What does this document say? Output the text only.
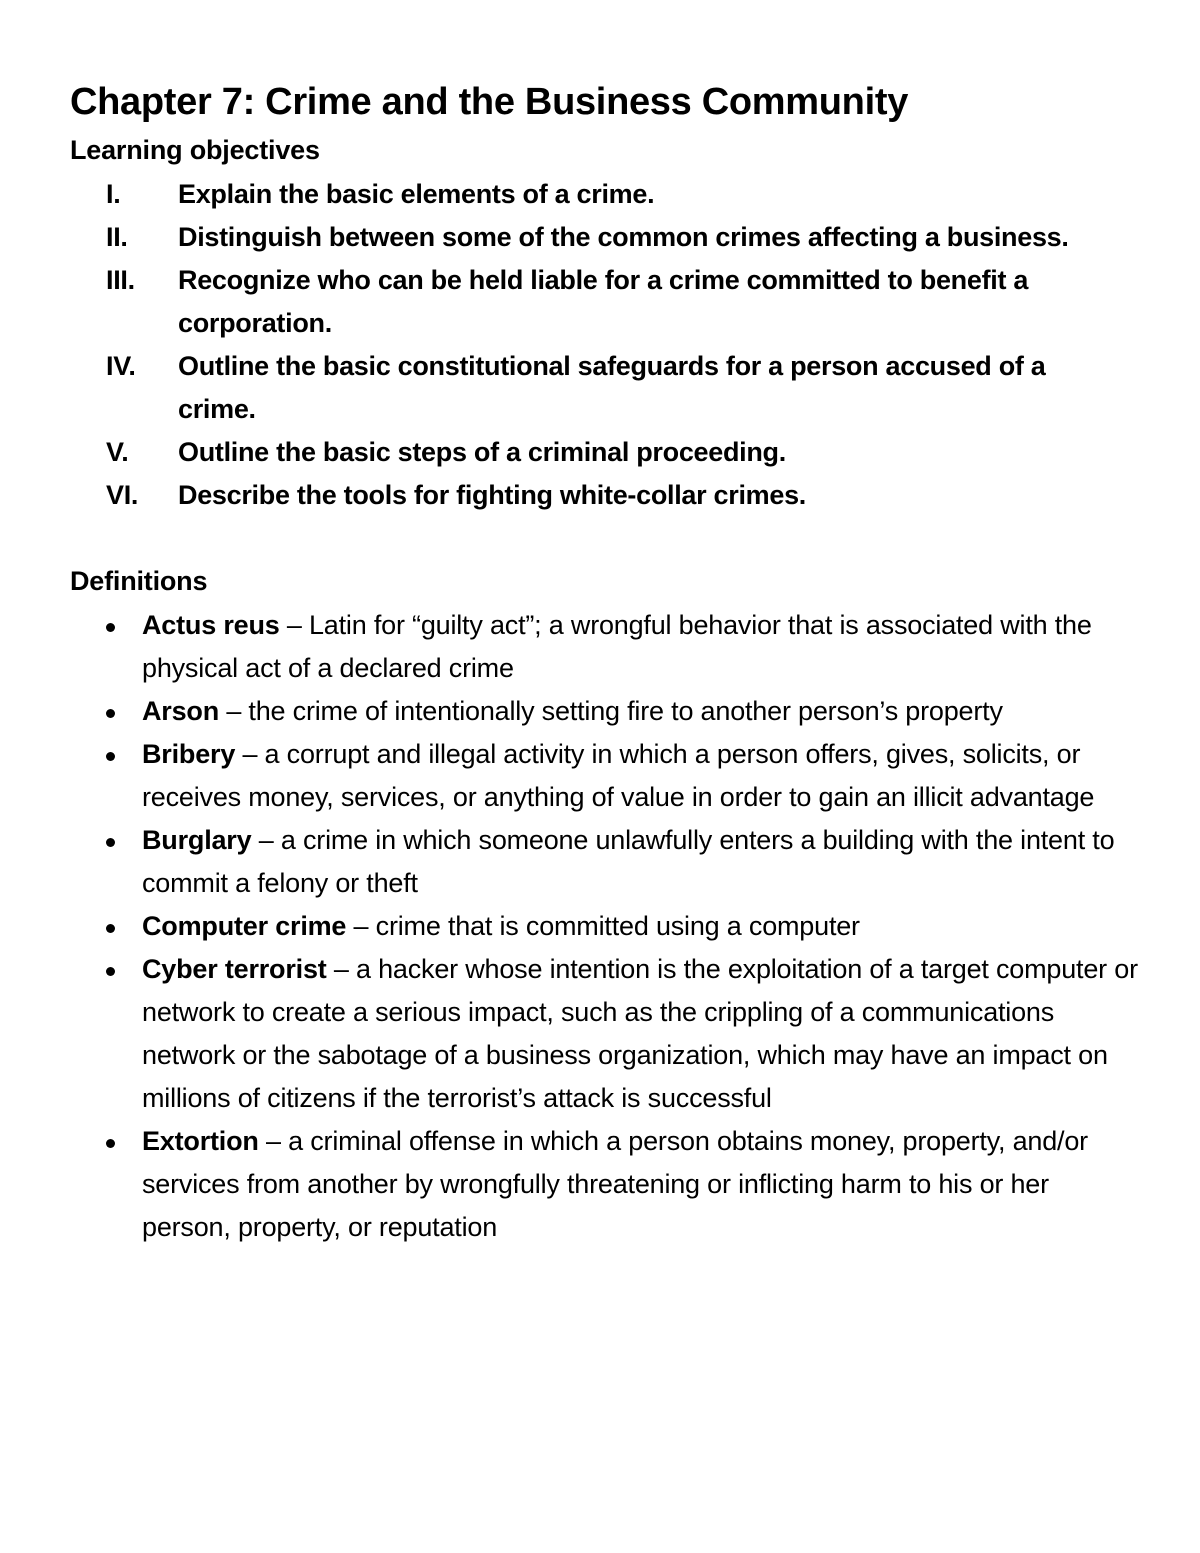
Chapter 7: Crime and the Business Community
Learning objectives
I. Explain the basic elements of a crime.
II. Distinguish between some of the common crimes affecting a business.
III. Recognize who can be held liable for a crime committed to benefit a corporation.
IV. Outline the basic constitutional safeguards for a person accused of a crime.
V. Outline the basic steps of a criminal proceeding.
VI. Describe the tools for fighting white-collar crimes.
Definitions
Actus reus – Latin for “guilty act”; a wrongful behavior that is associated with the physical act of a declared crime
Arson – the crime of intentionally setting fire to another person’s property
Bribery – a corrupt and illegal activity in which a person offers, gives, solicits, or receives money, services, or anything of value in order to gain an illicit advantage
Burglary – a crime in which someone unlawfully enters a building with the intent to commit a felony or theft
Computer crime – crime that is committed using a computer
Cyber terrorist – a hacker whose intention is the exploitation of a target computer or network to create a serious impact, such as the crippling of a communications network or the sabotage of a business organization, which may have an impact on millions of citizens if the terrorist’s attack is successful
Extortion – a criminal offense in which a person obtains money, property, and/or services from another by wrongfully threatening or inflicting harm to his or her person, property, or reputation
